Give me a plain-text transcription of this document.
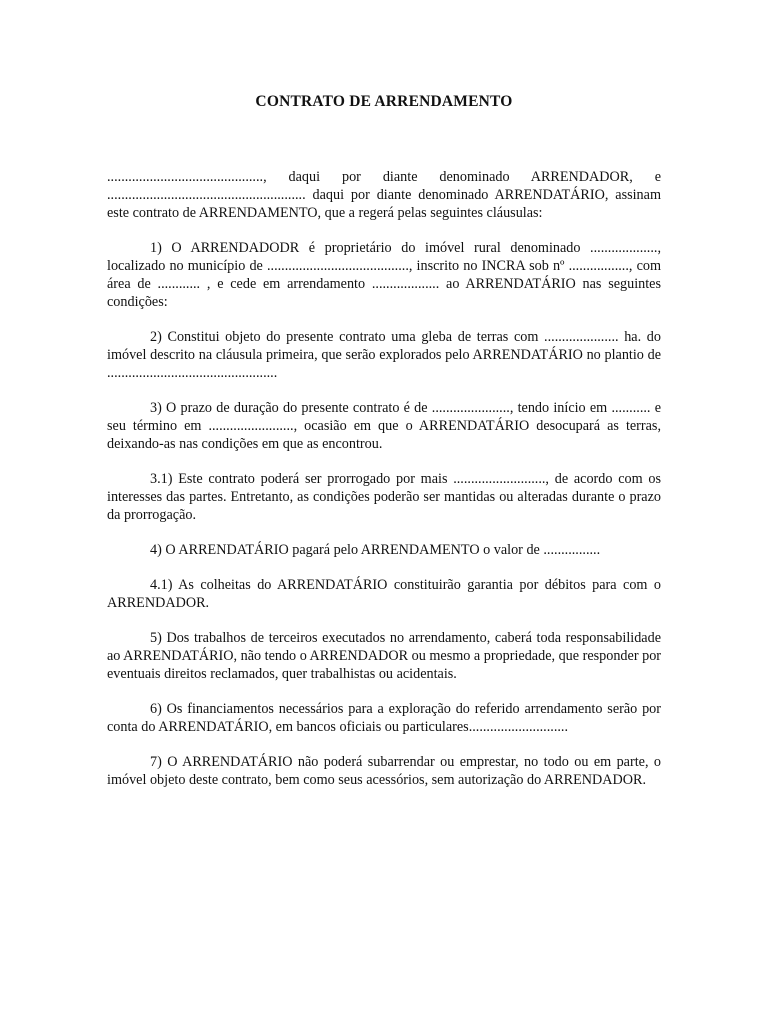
CONTRATO DE ARRENDAMENTO

............................................, daqui por diante denominado ARRENDADOR, e ........................................................ daqui por diante denominado ARRENDATÁRIO, assinam este contrato de ARRENDAMENTO, que a regerá pelas seguintes cláusulas:

1) O ARRENDADODR é proprietário do imóvel rural denominado ..................., localizado no município de ........................................, inscrito no INCRA sob nº ................., com área de ............ , e cede em arrendamento ................... ao ARRENDATÁRIO nas seguintes condições:

2) Constitui objeto do presente contrato uma gleba de terras com ..................... ha. do imóvel descrito na cláusula primeira, que serão explorados pelo ARRENDATÁRIO no plantio de ................................................

3) O prazo de duração do presente contrato é de ......................, tendo início em ........... e seu término em ........................, ocasião em que o ARRENDATÁRIO desocupará as terras, deixando-as nas condições em que as encontrou.

3.1) Este contrato poderá ser prorrogado por mais .........................., de acordo com os interesses das partes. Entretanto, as condições poderão ser mantidas ou alteradas durante o prazo da prorrogação.

4) O ARRENDATÁRIO pagará pelo ARRENDAMENTO o valor de ................

4.1) As colheitas do ARRENDATÁRIO constituirão garantia por débitos para com o ARRENDADOR.

5) Dos trabalhos de terceiros executados no arrendamento, caberá toda responsabilidade ao ARRENDATÁRIO, não tendo o ARRENDADOR ou mesmo a propriedade, que responder por eventuais direitos reclamados, quer trabalhistas ou acidentais.

6) Os financiamentos necessários para a exploração do referido arrendamento serão por conta do ARRENDATÁRIO, em bancos oficiais ou particulares............................

7) O ARRENDATÁRIO não poderá subarrendar ou emprestar, no todo ou em parte, o imóvel objeto deste contrato, bem como seus acessórios, sem autorização do ARRENDADOR.
